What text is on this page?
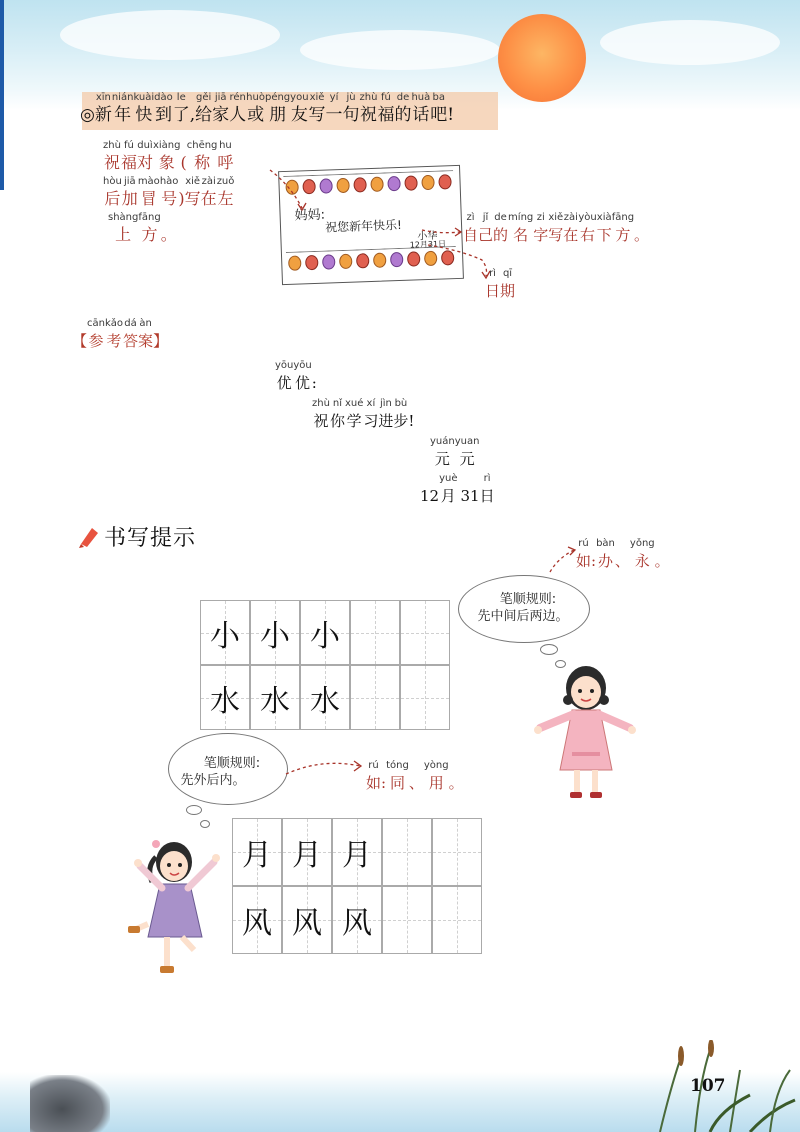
◎
xīn
新
nián
年
kuài
快
dào
到
le
了
,
gěi
给
jiā
家
rén
人
huò
或
péng
朋
you
友
xiě
写
yí
一
jù
句
zhù
祝
fú
福
de
的
huà
话
ba
吧
!
zhù
祝
fú
福
duì
对
xiàng
象
(
chēng
称
hu
呼
hòu
后
jiā
加
mào
冒
hào
号
)
xiě
写
zài
在
zuǒ
左
shàng
上
fāng
方
。
妈妈:
祝您新年快乐!
小华
12月31日
zì
自
jǐ
己
de
的
míng
名
zi
字
xiě
写
zài
在
yòu
右
xià
下
fāng
方
。
rì
日
qī
期

【
cān
参
kǎo
考
dá
答
àn
案
】
yōu
优
yōu
优
:
zhù
祝
nǐ
你
xué
学
xí
习
jìn
进
bù
步
!
yuán
元
yuan
元

12
yuè
月
31
rì
日
书写提示
小 小 小
水 水 水
笔顺规则:
先中间后两边。
rú
如
:
bàn
办
、
yǒng
永
。
笔顺规则:
先外后内。
rú
如
:
tóng
同
、
yòng
用
。
月 月 月
风 风 风
107
